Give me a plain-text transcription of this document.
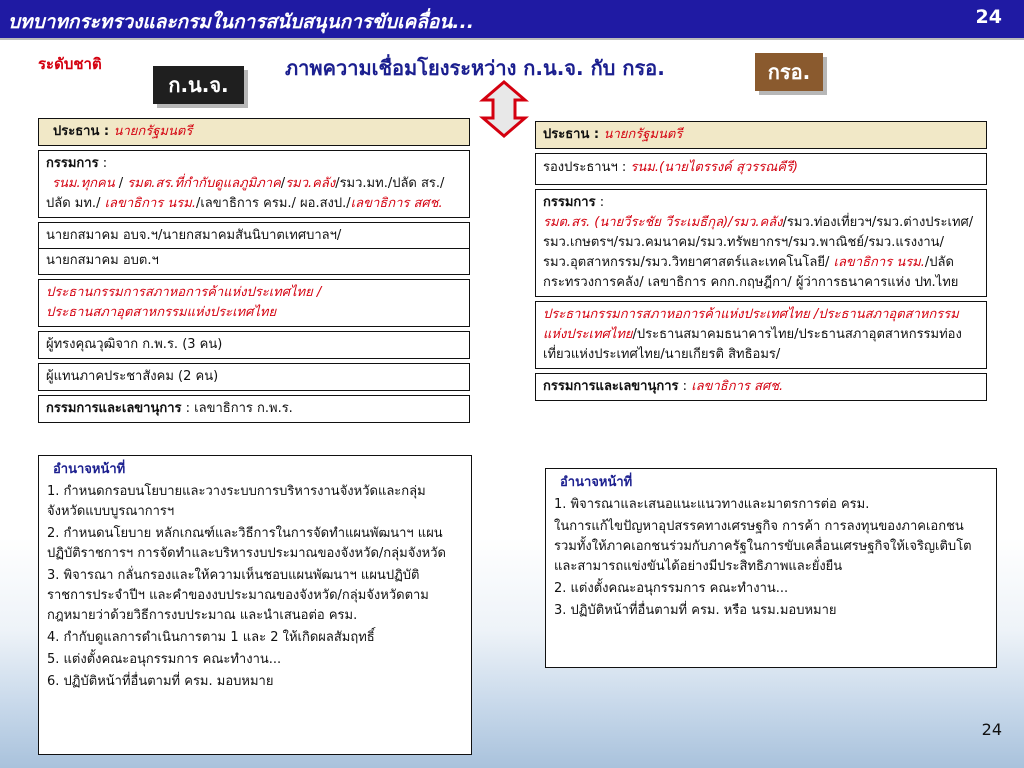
บทบาทกระทรวงและกรมในการสนับสนุนการขับเคลื่อน...	24
ระดับชาติ	ภาพความเชื่อมโยงระหว่าง ก.น.จ. กับ กรอ.
ก.น.จ.
กรอ.
ประธาน : นายกรัฐมนตรี
กรรมการ :
รนม.ทุกคน / รมต.สร.ที่กำกับดูแลภูมิภาค/รมว.คลัง/รมว.มท./ปลัด สร./ ปลัด มท./ เลขาธิการ นรม./เลขาธิการ ครม./ ผอ.สงป./เลขาธิการ สศช.
นายกสมาคม อบจ.ฯ/นายกสมาคมสันนิบาตเทศบาลฯ/
นายกสมาคม อบต.ฯ
ประธานกรรมการสภาหอการค้าแห่งประเทศไทย /
ประธานสภาอุตสาหกรรมแห่งประเทศไทย
ผู้ทรงคุณวุฒิจาก ก.พ.ร. (3 คน)
ผู้แทนภาคประชาสังคม (2 คน)
กรรมการและเลขานุการ : เลขาธิการ ก.พ.ร.
อำนาจหน้าที่
1. กำหนดกรอบนโยบายและวางระบบการบริหารงานจังหวัดและกลุ่มจังหวัดแบบบูรณาการฯ
2. กำหนดนโยบาย หลักเกณฑ์และวิธีการในการจัดทำแผนพัฒนาฯ แผนปฏิบัติราชการฯ การจัดทำและบริหารงบประมาณของจังหวัด/กลุ่มจังหวัด
3. พิจารณา กลั่นกรองและให้ความเห็นชอบแผนพัฒนาฯ แผนปฏิบัติราชการประจำปีฯ และคำของงบประมาณของจังหวัด/กลุ่มจังหวัดตามกฎหมายว่าด้วยวิธีการงบประมาณ และนำเสนอต่อ ครม.
4. กำกับดูแลการดำเนินการตาม 1 และ 2 ให้เกิดผลสัมฤทธิ์
5. แต่งตั้งคณะอนุกรรมการ คณะทำงาน...
6. ปฏิบัติหน้าที่อื่นตามที่ ครม. มอบหมาย
ประธาน : นายกรัฐมนตรี
รองประธานฯ : รนม.(นายไตรรงค์ สุวรรณคีรี)
กรรมการ :
รมต.สร. (นายวีระชัย วีระเมธีกุล)/รมว.คลัง/รมว.ท่องเที่ยวฯ/รมว.ต่างประเทศ/รมว.เกษตรฯ/รมว.คมนาคม/รมว.ทรัพยากรฯ/รมว.พาณิชย์/รมว.แรงงาน/รมว.อุตสาหกรรม/รมว.วิทยาศาสตร์และเทคโนโลยี/ เลขาธิการ นรม./ปลัดกระทรวงการคลัง/ เลขาธิการ คกก.กฤษฎีกา/ ผู้ว่าการธนาคารแห่ง ปท.ไทย
ประธานกรรมการสภาหอการค้าแห่งประเทศไทย /ประธานสภาอุตสาหกรรมแห่งประเทศไทย/ประธานสมาคมธนาคารไทย/ประธานสภาอุตสาหกรรมท่องเที่ยวแห่งประเทศไทย/นายเกียรติ สิทธิอมร/
กรรมการและเลขานุการ : เลขาธิการ สศช.
อำนาจหน้าที่
1. พิจารณาและเสนอแนะแนวทางและมาตรการต่อ ครม.
ในการแก้ไขปัญหาอุปสรรคทางเศรษฐกิจ การค้า การลงทุนของภาคเอกชน รวมทั้งให้ภาคเอกชนร่วมกับภาครัฐในการขับเคลื่อนเศรษฐกิจให้เจริญเติบโตและสามารถแข่งขันได้อย่างมีประสิทธิภาพและยั่งยืน
2. แต่งตั้งคณะอนุกรรมการ คณะทำงาน...
3. ปฏิบัติหน้าที่อื่นตามที่ ครม. หรือ นรม.มอบหมาย
24
